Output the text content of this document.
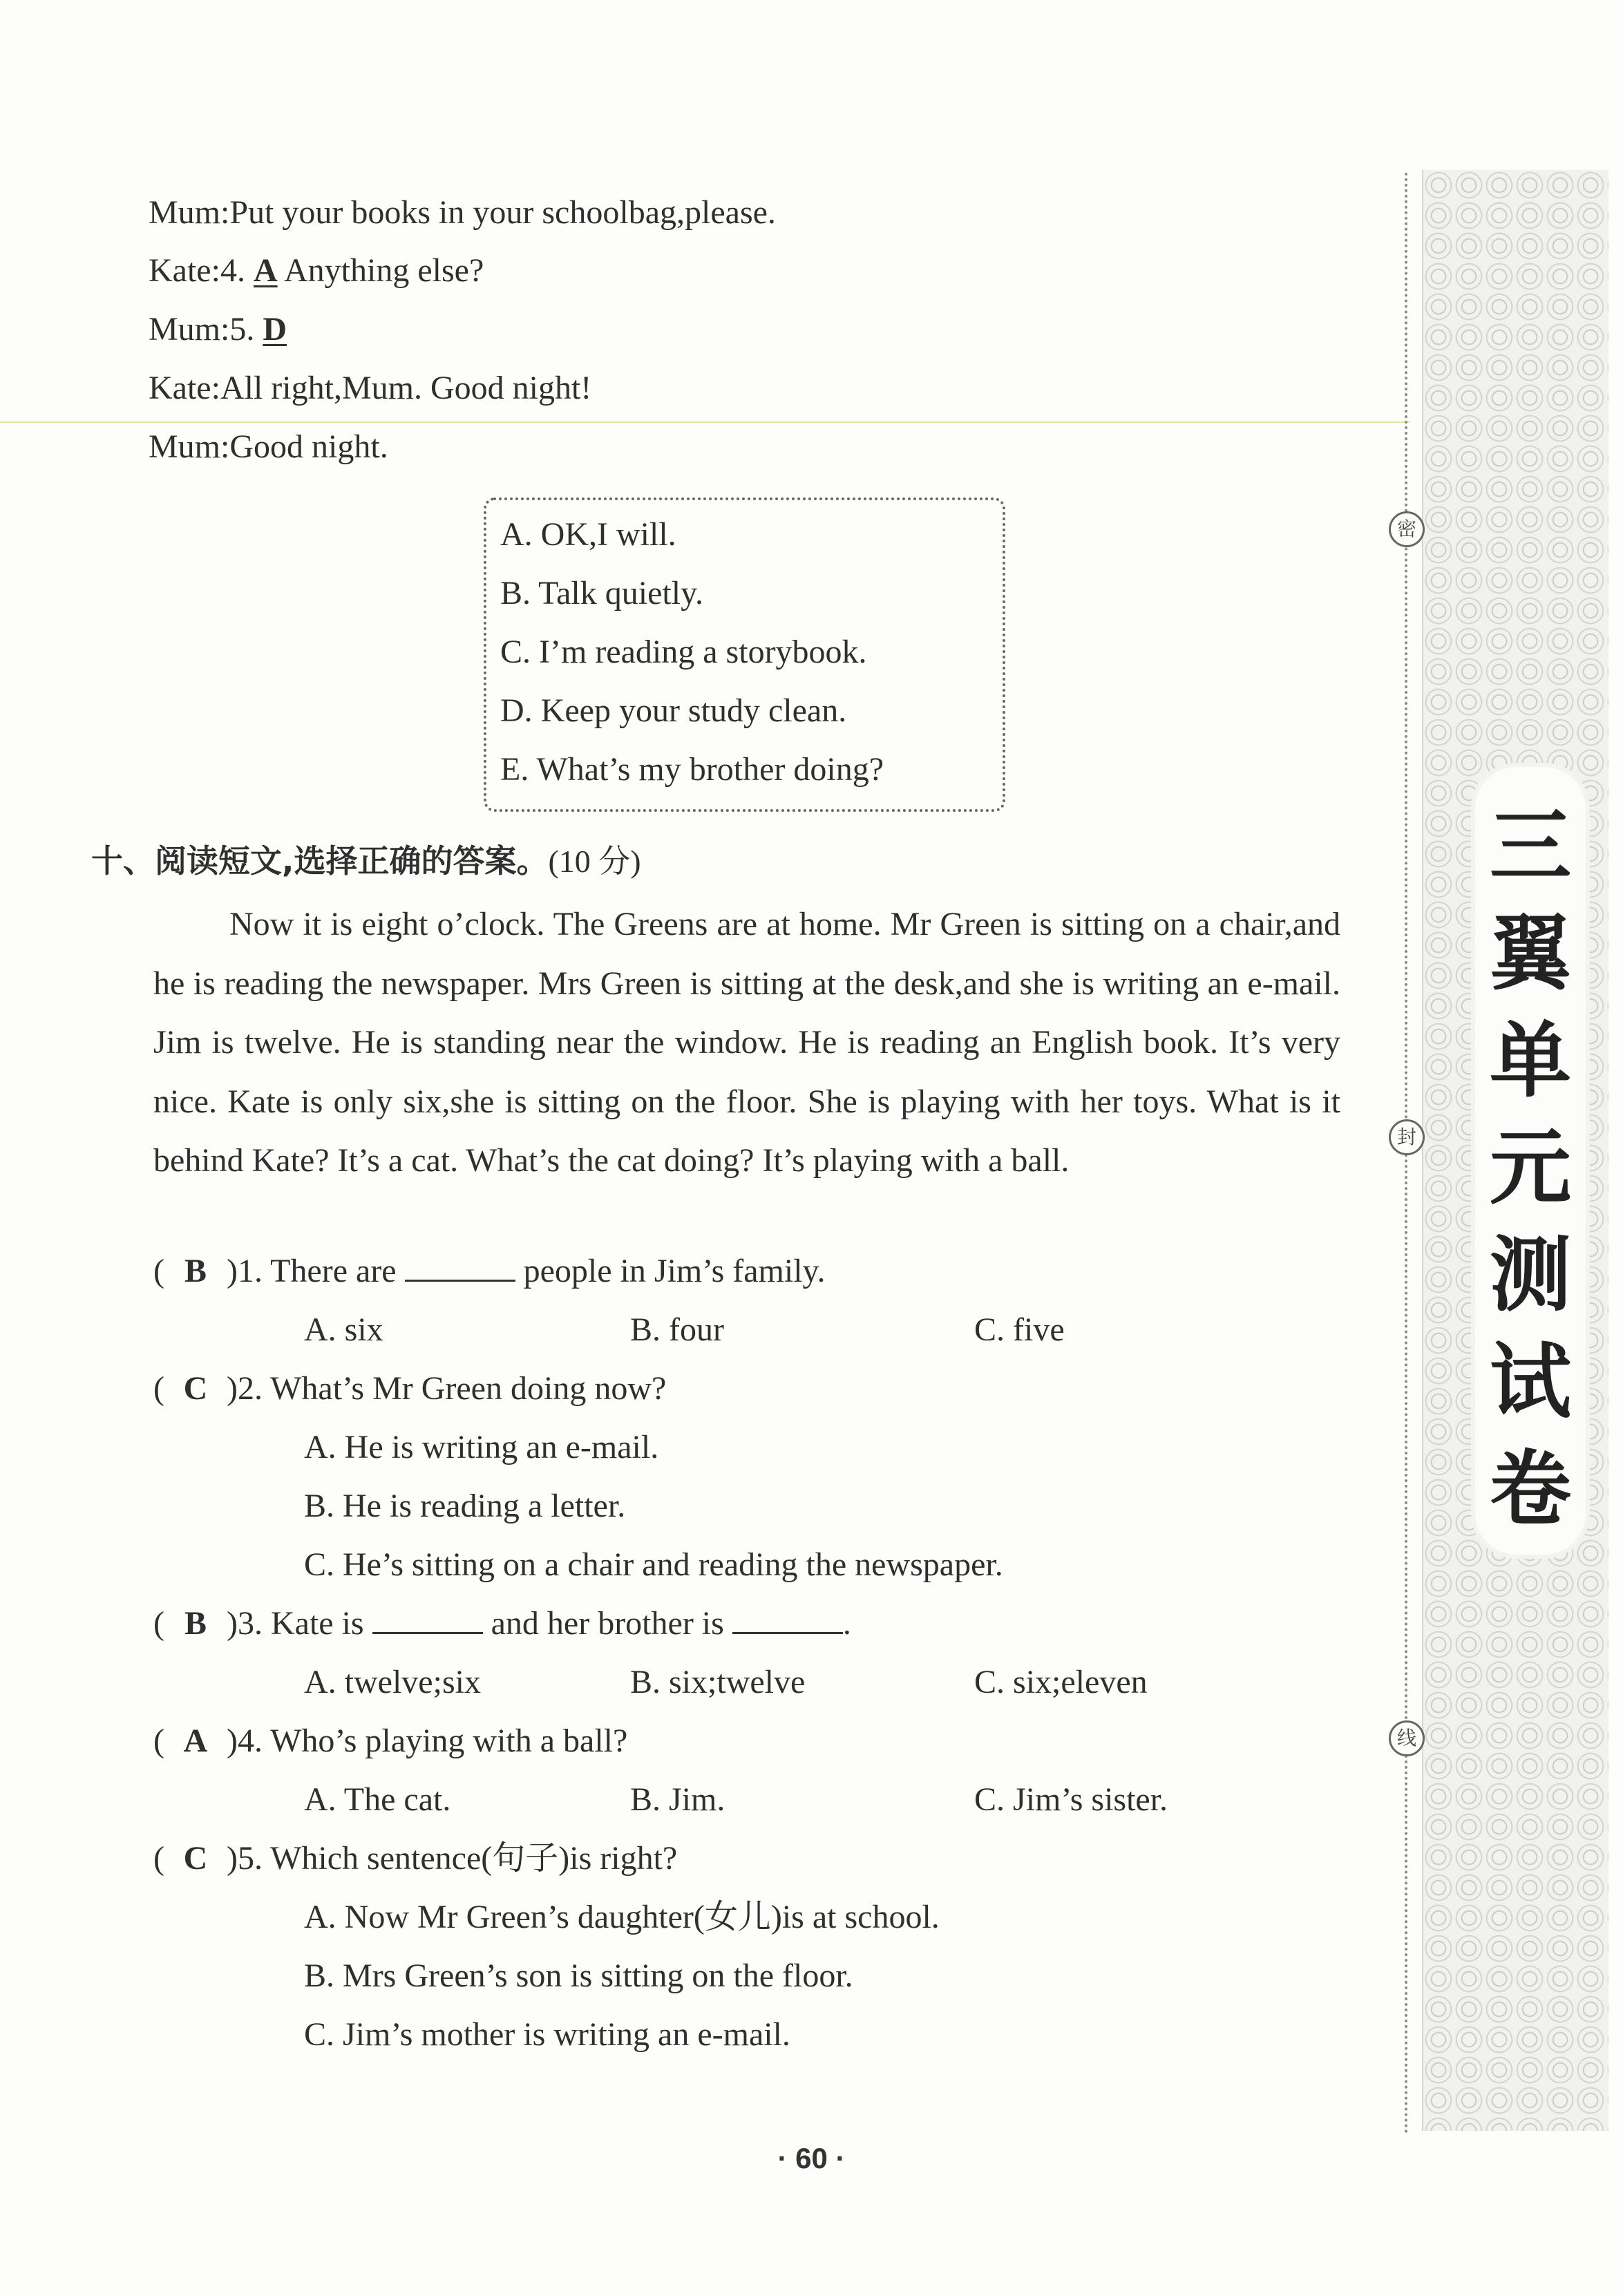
Mum:Put your books in your schoolbag,please.
Kate:4. A Anything else?
Mum:5. D
Kate:All right,Mum. Good night!
Mum:Good night.
A. OK,I will.
B. Talk quietly.
C. I’m reading a storybook.
D. Keep your study clean.
E. What’s my brother doing?
十、阅读短文,选择正确的答案。(10 分)
Now it is eight o’clock. The Greens are at home. Mr Green is sitting on a chair,and he is reading the newspaper. Mrs Green is sitting at the desk,and she is writing an e-mail. Jim is twelve. He is standing near the window. He is reading an English book. It’s very nice. Kate is only six,she is sitting on the floor. She is playing with her toys. What is it behind Kate? It’s a cat. What’s the cat doing? It’s playing with a ball.
( B )1. There are	people in Jim’s family.
A. six	B. four	C. five
( C )2. What’s Mr Green doing now?
A. He is writing an e-mail.
B. He is reading a letter.
C. He’s sitting on a chair and reading the newspaper.
( B )3. Kate is	and her brother is	.
A. twelve;six	B. six;twelve	C. six;eleven
( A )4. Who’s playing with a ball?
A. The cat.	B. Jim.	C. Jim’s sister.
( C )5. Which sentence(句子)is right?
A. Now Mr Green’s daughter(女儿)is at school.
B. Mrs Green’s son is sitting on the floor.
C. Jim’s mother is writing an e-mail.
三
翼
单
元
测
试
卷
密
封
线
· 60 ·
